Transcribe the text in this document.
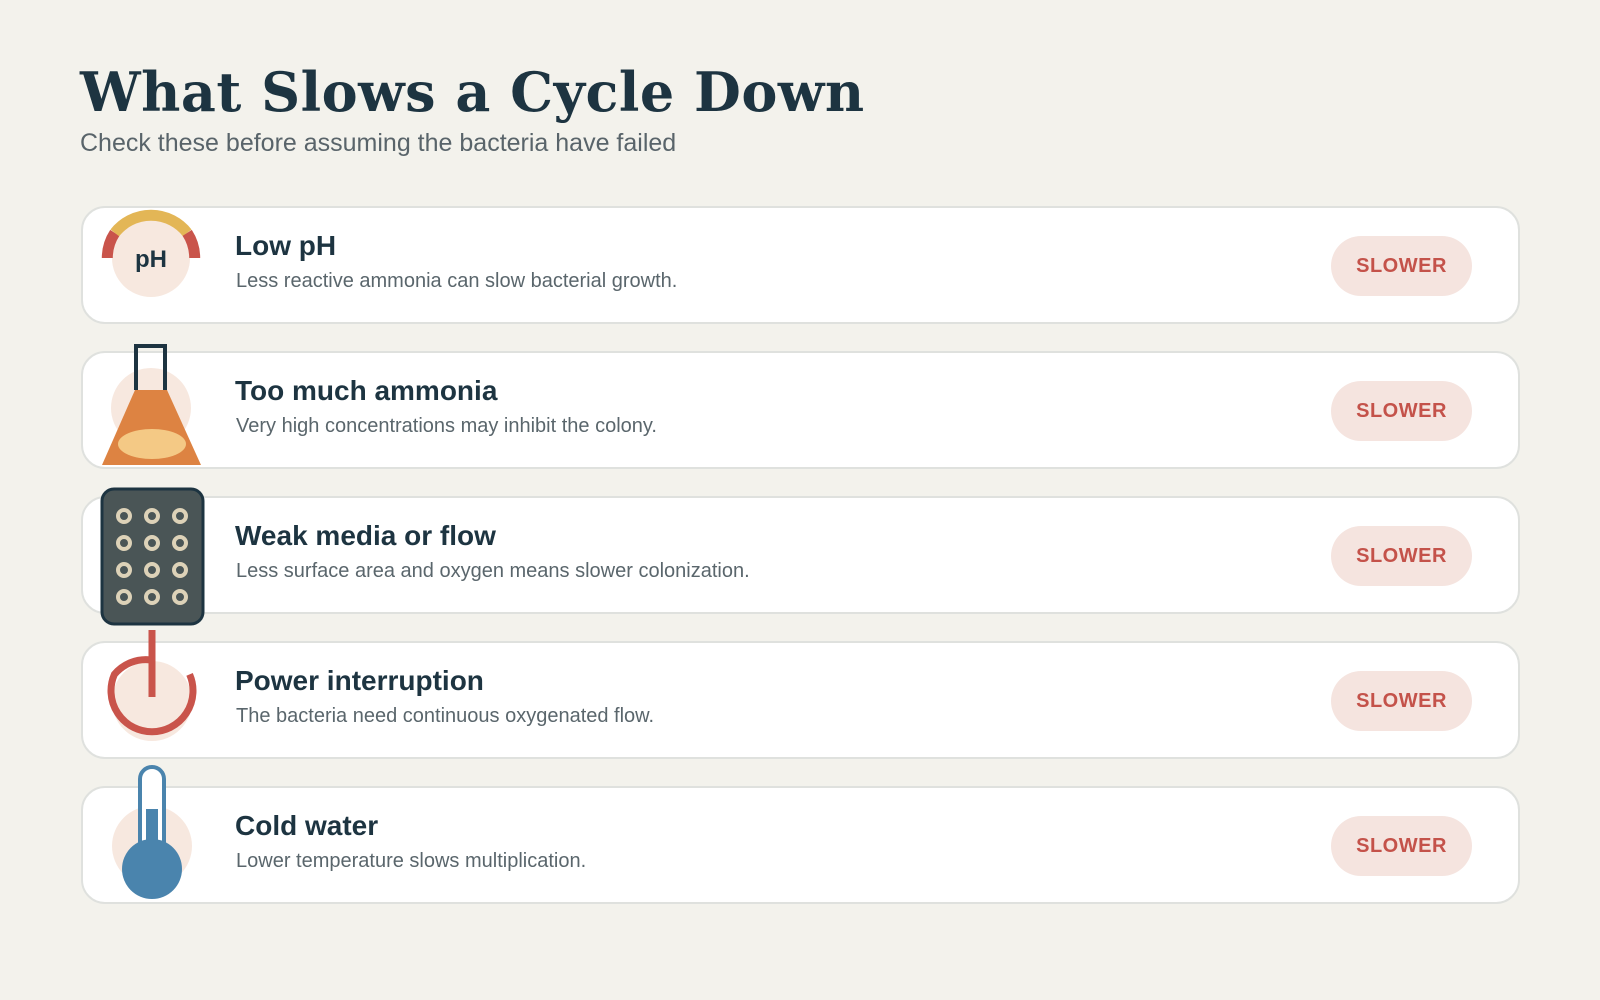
What Slows a Cycle Down

Check these before assuming the bacteria have failed

pH Low pH
Less reactive ammonia can slow bacterial growth.
SLOWER
Too much ammonia
Very high concentrations may inhibit the colony.
SLOWER
Weak media or flow
Less surface area and oxygen means slower colonization.
SLOWER
Power interruption
The bacteria need continuous oxygenated flow.
SLOWER
Cold water
Lower temperature slows multiplication.
SLOWER
